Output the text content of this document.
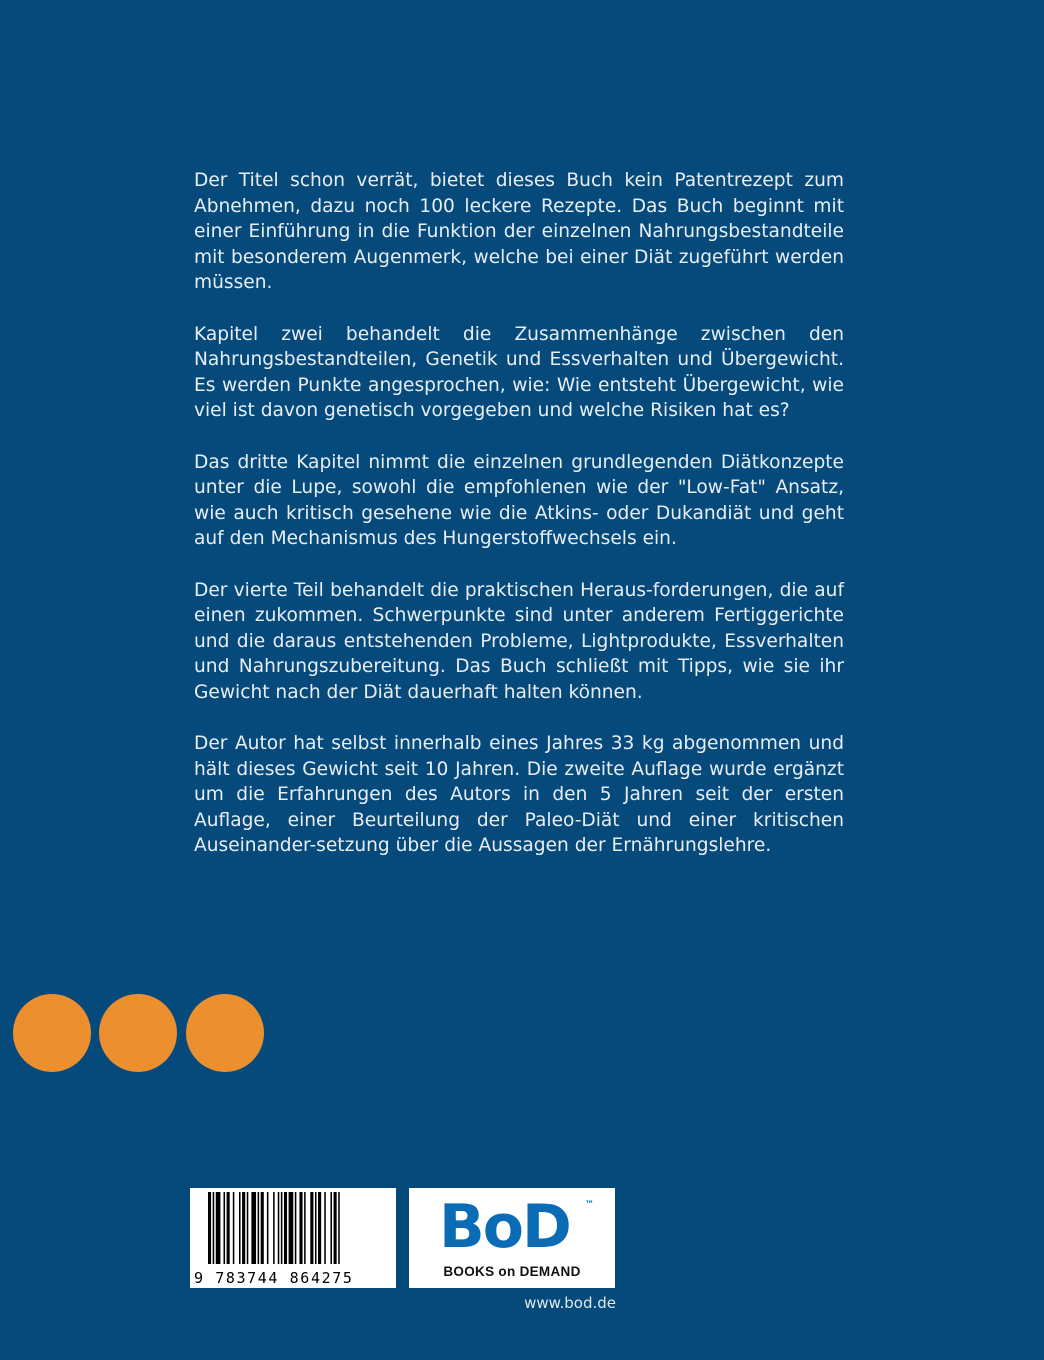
Der Titel schon verrät, bietet dieses Buch kein Patentrezept zum Abnehmen, dazu noch 100 leckere Rezepte. Das Buch beginnt mit einer Einführung in die Funktion der einzelnen Nahrungsbestandteile mit besonderem Augenmerk, welche bei einer Diät zugeführt werden müssen.

Kapitel zwei behandelt die Zusammenhänge zwischen den Nahrungsbestandteilen, Genetik und Essverhalten und Übergewicht. Es werden Punkte angesprochen, wie: Wie entsteht Übergewicht, wie viel ist davon genetisch vorgegeben und welche Risiken hat es?

Das dritte Kapitel nimmt die einzelnen grundlegenden Diätkonzepte unter die Lupe, sowohl die empfohlenen wie der "Low-Fat" Ansatz, wie auch kritisch gesehene wie die Atkins- oder Dukandiät und geht auf den Mechanismus des Hungerstoffwechsels ein.

Der vierte Teil behandelt die praktischen Heraus-forderungen, die auf einen zukommen. Schwerpunkte sind unter anderem Fertiggerichte und die daraus entstehenden Probleme, Lightprodukte, Essverhalten und Nahrungszubereitung. Das Buch schließt mit Tipps, wie sie ihr Gewicht nach der Diät dauerhaft halten können.

Der Autor hat selbst innerhalb eines Jahres 33 kg abgenommen und hält dieses Gewicht seit 10 Jahren. Die zweite Auflage wurde ergänzt um die Erfahrungen des Autors in den 5 Jahren seit der ersten Auflage, einer Beurteilung der Paleo-Diät und einer kritischen Auseinander-setzung über die Aussagen der Ernährungslehre.

9 783744 864275
BoD ™
BOOKS on DEMAND
www.bod.de
